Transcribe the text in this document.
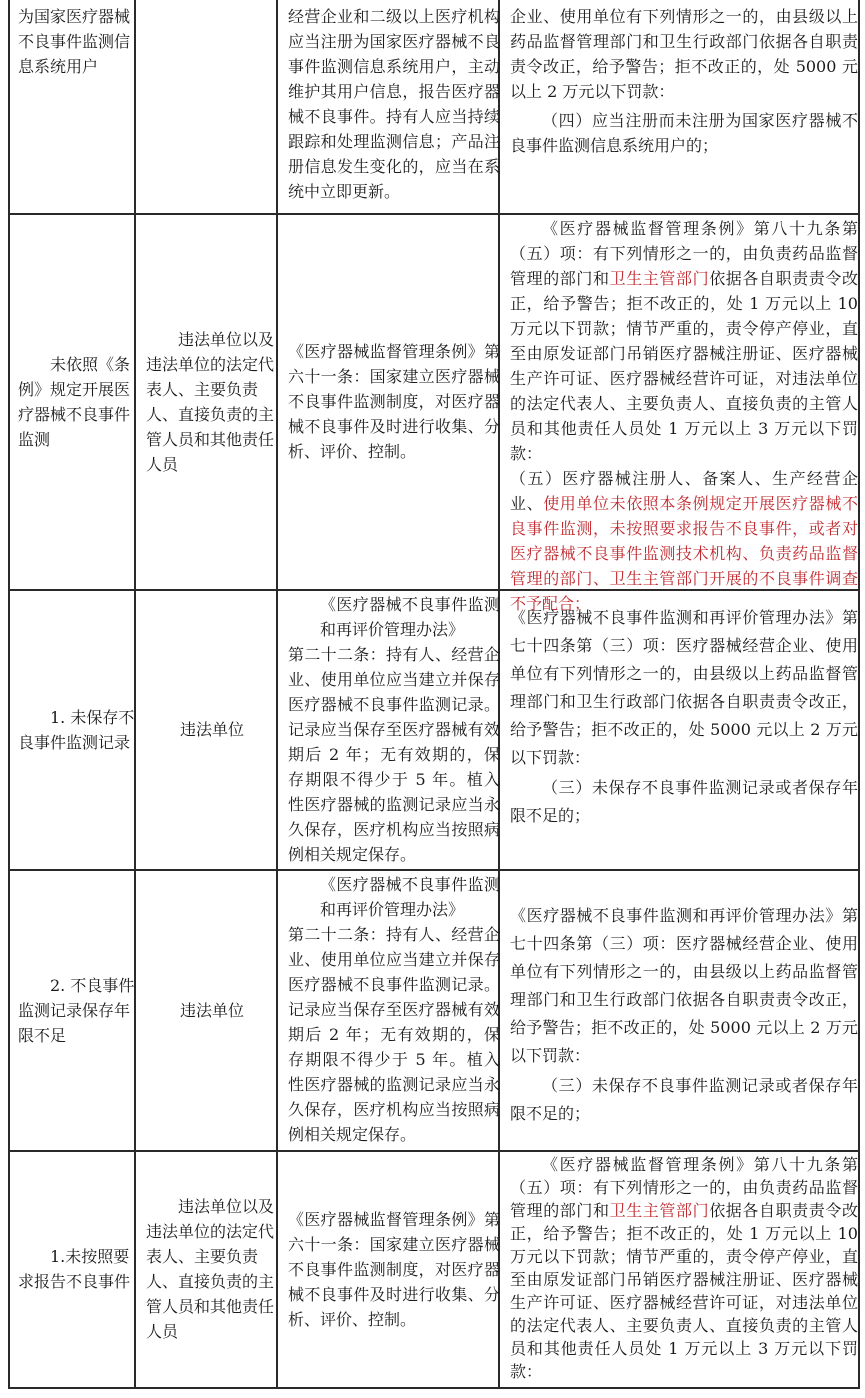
为国家医疗器械不良事件监测信息系统用户
经营企业和二级以上医疗机构应当注册为国家医疗器械不良事件监测信息系统用户，主动维护其用户信息，报告医疗器械不良事件。持有人应当持续跟踪和处理监测信息；产品注册信息发生变化的，应当在系统中立即更新。

企业、使用单位有下列情形之一的，由县级以上药品监督管理部门和卫生行政部门依据各自职责责令改正，给予警告；拒不改正的，处 5000 元以上 2 万元以下罚款：

（四）应当注册而未注册为国家医疗器械不良事件监测信息系统用户的；

未依照《条例》规定开展医疗器械不良事件监测
违法单位以及违法单位的法定代表人、主要负责人、直接负责的主管人员和其他责任人员
《医疗器械监督管理条例》第六十一条：国家建立医疗器械不良事件监测制度，对医疗器械不良事件及时进行收集、分析、评价、控制。

《医疗器械监督管理条例》第八十九条第（五）项：有下列情形之一的，由负责药品监督管理的部门和卫生主管部门依据各自职责责令改正，给予警告；拒不改正的，处 1 万元以上 10 万元以下罚款；情节严重的，责令停产停业，直至由原发证部门吊销医疗器械注册证、医疗器械生产许可证、医疗器械经营许可证，对违法单位的法定代表人、主要负责人、直接负责的主管人员和其他责任人员处 1 万元以上 3 万元以下罚款：

（五）医疗器械注册人、备案人、生产经营企业、使用单位未依照本条例规定开展医疗器械不良事件监测，未按照要求报告不良事件，或者对医疗器械不良事件监测技术机构、负责药品监督管理的部门、卫生主管部门开展的不良事件调查不予配合；

1. 未保存不良事件监测记录
违法单位

《医疗器械不良事件监测和再评价管理办法》

第二十二条：持有人、经营企业、使用单位应当建立并保存医疗器械不良事件监测记录。记录应当保存至医疗器械有效期后 2 年；无有效期的，保存期限不得少于 5 年。植入性医疗器械的监测记录应当永久保存，医疗机构应当按照病例相关规定保存。

《医疗器械不良事件监测和再评价管理办法》第七十四条第（三）项：医疗器械经营企业、使用单位有下列情形之一的，由县级以上药品监督管理部门和卫生行政部门依据各自职责责令改正，给予警告；拒不改正的，处 5000 元以上 2 万元以下罚款：

（三）未保存不良事件监测记录或者保存年限不足的；

2. 不良事件监测记录保存年限不足
违法单位

《医疗器械不良事件监测和再评价管理办法》

第二十二条：持有人、经营企业、使用单位应当建立并保存医疗器械不良事件监测记录。记录应当保存至医疗器械有效期后 2 年；无有效期的，保存期限不得少于 5 年。植入性医疗器械的监测记录应当永久保存，医疗机构应当按照病例相关规定保存。

《医疗器械不良事件监测和再评价管理办法》第七十四条第（三）项：医疗器械经营企业、使用单位有下列情形之一的，由县级以上药品监督管理部门和卫生行政部门依据各自职责责令改正，给予警告；拒不改正的，处 5000 元以上 2 万元以下罚款：

（三）未保存不良事件监测记录或者保存年限不足的；

1.未按照要求报告不良事件
违法单位以及违法单位的法定代表人、主要负责人、直接负责的主管人员和其他责任人员
《医疗器械监督管理条例》第六十一条：国家建立医疗器械不良事件监测制度，对医疗器械不良事件及时进行收集、分析、评价、控制。

《医疗器械监督管理条例》第八十九条第（五）项：有下列情形之一的，由负责药品监督管理的部门和卫生主管部门依据各自职责责令改正，给予警告；拒不改正的，处 1 万元以上 10 万元以下罚款；情节严重的，责令停产停业，直至由原发证部门吊销医疗器械注册证、医疗器械生产许可证、医疗器械经营许可证，对违法单位的法定代表人、主要负责人、直接负责的主管人员和其他责任人员处 1 万元以上 3 万元以下罚款：
